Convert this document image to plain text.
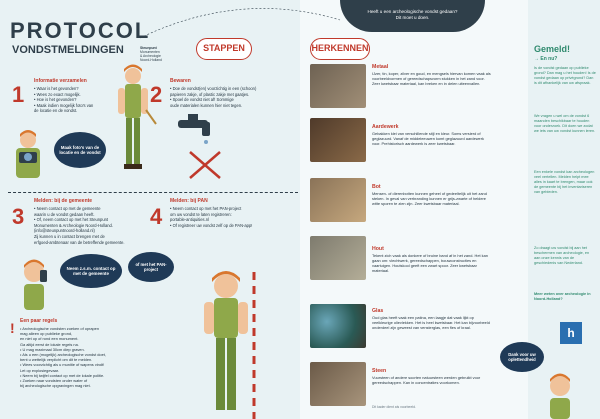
Heeft u een archeologische vondst gedaan?
Dit moet u doen.
PROTOCOL
VONDSTMELDINGEN	Steunpunt
Monumenten
& Archeologie
Noord-Holland
STAPPEN	HERKENNEN
1
Informatie verzamelen
• Waar is het gevonden?
• Wees zo exact mogelijk.
• Hoe is het gevonden?
• Maak indien mogelijk foto's van
de locatie en de vondst.
Maak foto's van de locatie en de vondst
2
Bewaren
• Doe de vondst(en) voorzichtig in een (schoon)
papieren zakje, of plastic zakje met gaatjes.
• Spoel de vondst niet af! Sommige
oude materialen kunnen hier niet tegen.
3
Melden: bij de gemeente
• Neem contact op met de gemeente
waarin u de vondst gedaan heeft.
• Of, neem contact op met het Steunpunt
Monumenten & Archeologie Noord-Holland.
(info@steunpuntnoord-holland.nl)
Zij kunnen u in contact brengen met de
erfgoed-ambtenaar van de betreffende gemeente.
4
Melden: bij PAN
• Neem contact op met het PAN-project
om uw vondst te laten registreren:
portable-antiquities.nl
• Of registreer uw vondst zelf op de PAN-app!
Neem z.s.m. contact op met de gemeente
of met het PAN-project
! Een paar regels
• Archeologische vondsten zoeken of oprapen
mag alleen op publieke grond,
en niet op of rond een monument.
Ga altijd eerst de lokale regels na.
• U mag maximaal 30cm diep graven.
• Als u een (mogelijk) archeologische vondst doet,
bent u wettelijk verplicht om dit te melden.
• Wees voorzichtig als u munitie of wapens vindt!
Let op explosiegevaar.
• Neem bij twijfel contact op met de lokale politie.
• Zoeken naar vondsten onder water of
bij archeologische opgravingen mag niet.
Metaal
IJzer, tin, koper, zilver en goud, en mengsels hiervan komen vaak als voorbeeldvormen of gereedschapsvorm stukken in het zand voor. Zeer kwetsbaar materiaal, kan breken en in delen uiteenvallen.
Aardewerk
Gebakken klei van verschillende stijl en kleur. Soms versierd of geglazuurd. Vanaf de middeleeuwen komt geglazuurd aardewerk voor. Prehistorisch aardewerk is zeer kwetsbaar.
Bot
Mensen- of dierenbotten kunnen geheel of gedeeltelijk uit het zand steken. In geval van verbranding kunnen er grijs-zwarte of heldere witte sporen te zien zijn. Zeer kwetsbaar materiaal.
Hout
Tekent zich vaak als donkere of bruine band af in het zand. Het kan gaan om: vlechtwerk, gereedschappen, bouwconstructies en vaartuigen. Houtskool geeft een zwart spoor. Zeer kwetsbaar materiaal.
Glas
Oud glas heeft vaak een patina, een laagje dat vaak lijkt op veelkleurige olievlekken. Het is heel kwetsbaar. Het kan bijvoorbeeld onderdeel zijn geweest van vensterglas, een fles of kraal.
Steen
Vuursteen of andere soorten natuursteen werden gebruikt voor gereedschappen. Kan in concentraties voorkomen.
Dit kader dient als voorbeeld.
Dank voor uw oplettendheid
Gemeld!
→ En nu?
Is de vondst gedaan op publieke grond? Dan mag u het houden! Is de vondst gedaan op privégrond? Dan is dit afhankelijk van uw afspraak.
We vragen u wel om de vondst 6 maanden beschikbaar te houden voor onderzoek. Dit doen we zodat we iets van uw vondst kunnen leren.
Een enkele vondst kan archeologen veel vertellen. Melden helpt mee alles in kaart te brengen, maar ook de gemeente bij het inventariseren van gebieden.
Zo draagt uw vondst bij aan het beschermen van archeologie, en aan onze kennis van de geschiedenis van Nederland.
Meer weten over archeologie in Noord-Holland?
h
